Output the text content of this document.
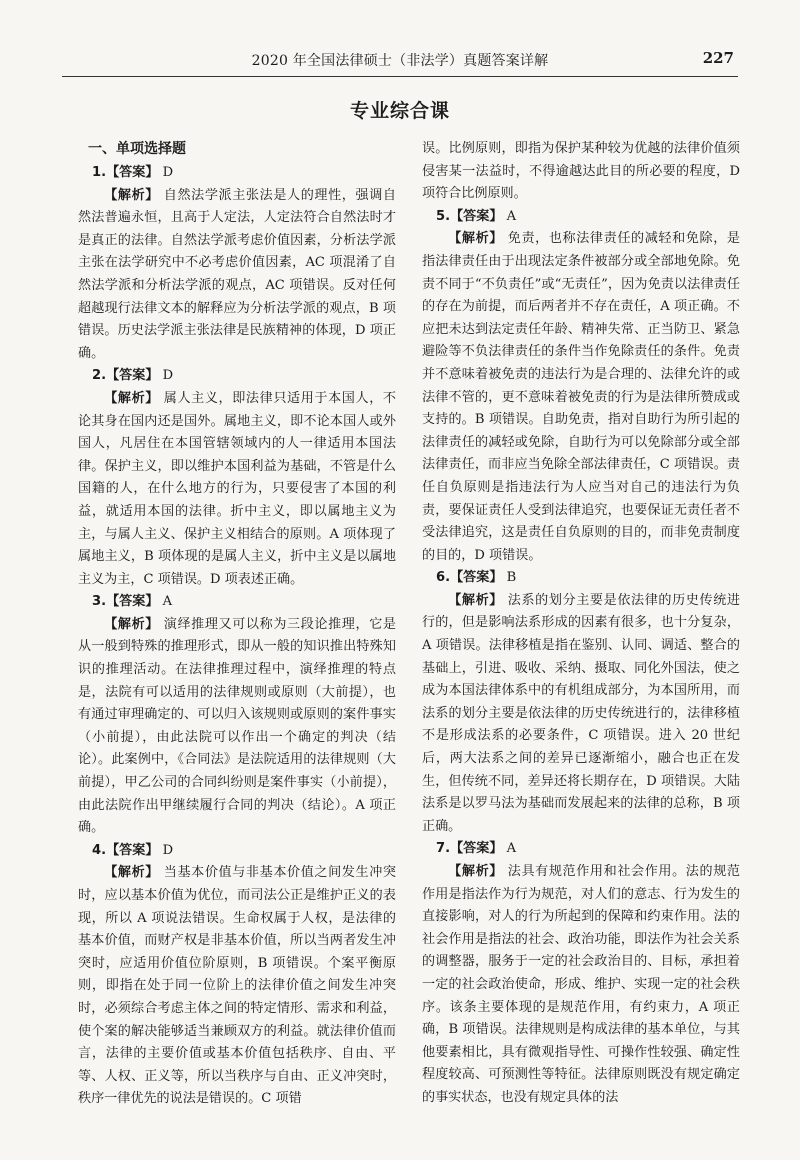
2020 年全国法律硕士（非法学）真题答案详解	227
专业综合课
一、单项选择题

1.【答案】 D

【解析】 自然法学派主张法是人的理性，强调自然法普遍永恒，且高于人定法，人定法符合自然法时才是真正的法律。自然法学派考虑价值因素，分析法学派主张在法学研究中不必考虑价值因素，AC 项混淆了自然法学派和分析法学派的观点，AC 项错误。反对任何超越现行法律文本的解释应为分析法学派的观点，B 项错误。历史法学派主张法律是民族精神的体现，D 项正确。

2.【答案】 D

【解析】 属人主义，即法律只适用于本国人，不论其身在国内还是国外。属地主义，即不论本国人或外国人，凡居住在本国管辖领域内的人一律适用本国法律。保护主义，即以维护本国利益为基础，不管是什么国籍的人，在什么地方的行为，只要侵害了本国的利益，就适用本国的法律。折中主义，即以属地主义为主，与属人主义、保护主义相结合的原则。A 项体现了属地主义，B 项体现的是属人主义，折中主义是以属地主义为主，C 项错误。D 项表述正确。

3.【答案】 A

【解析】 演绎推理又可以称为三段论推理，它是从一般到特殊的推理形式，即从一般的知识推出特殊知识的推理活动。在法律推理过程中，演绎推理的特点是，法院有可以适用的法律规则或原则（大前提），也有通过审理确定的、可以归入该规则或原则的案件事实（小前提），由此法院可以作出一个确定的判决（结论）。此案例中，《合同法》是法院适用的法律规则（大前提），甲乙公司的合同纠纷则是案件事实（小前提），由此法院作出甲继续履行合同的判决（结论）。A 项正确。

4.【答案】 D

【解析】 当基本价值与非基本价值之间发生冲突时，应以基本价值为优位，而司法公正是维护正义的表现，所以 A 项说法错误。生命权属于人权，是法律的基本价值，而财产权是非基本价值，所以当两者发生冲突时，应适用价值位阶原则，B 项错误。个案平衡原则，即指在处于同一位阶上的法律价值之间发生冲突时，必须综合考虑主体之间的特定情形、需求和利益，使个案的解决能够适当兼顾双方的利益。就法律价值而言，法律的主要价值或基本价值包括秩序、自由、平等、人权、正义等，所以当秩序与自由、正义冲突时，秩序一律优先的说法是错误的。C 项错

误。比例原则，即指为保护某种较为优越的法律价值须侵害某一法益时，不得逾越达此目的所必要的程度，D 项符合比例原则。

5.【答案】 A

【解析】 免责，也称法律责任的减轻和免除，是指法律责任由于出现法定条件被部分或全部地免除。免责不同于“不负责任”或“无责任”，因为免责以法律责任的存在为前提，而后两者并不存在责任，A 项正确。不应把未达到法定责任年龄、精神失常、正当防卫、紧急避险等不负法律责任的条件当作免除责任的条件。免责并不意味着被免责的违法行为是合理的、法律允许的或法律不管的，更不意味着被免责的行为是法律所赞成或支持的。B 项错误。自助免责，指对自助行为所引起的法律责任的减轻或免除，自助行为可以免除部分或全部法律责任，而非应当免除全部法律责任，C 项错误。责任自负原则是指违法行为人应当对自己的违法行为负责，要保证责任人受到法律追究，也要保证无责任者不受法律追究，这是责任自负原则的目的，而非免责制度的目的，D 项错误。

6.【答案】 B

【解析】 法系的划分主要是依法律的历史传统进行的，但是影响法系形成的因素有很多，也十分复杂，A 项错误。法律移植是指在鉴别、认同、调适、整合的基础上，引进、吸收、采纳、摄取、同化外国法，使之成为本国法律体系中的有机组成部分，为本国所用，而法系的划分主要是依法律的历史传统进行的，法律移植不是形成法系的必要条件，C 项错误。进入 20 世纪后，两大法系之间的差异已逐渐缩小，融合也正在发生，但传统不同，差异还将长期存在，D 项错误。大陆法系是以罗马法为基础而发展起来的法律的总称，B 项正确。

7.【答案】 A

【解析】 法具有规范作用和社会作用。法的规范作用是指法作为行为规范，对人们的意志、行为发生的直接影响，对人的行为所起到的保障和约束作用。法的社会作用是指法的社会、政治功能，即法作为社会关系的调整器，服务于一定的社会政治目的、目标，承担着一定的社会政治使命，形成、维护、实现一定的社会秩序。该条主要体现的是规范作用，有约束力，A 项正确，B 项错误。法律规则是构成法律的基本单位，与其他要素相比，具有微观指导性、可操作性较强、确定性程度较高、可预测性等特征。法律原则既没有规定确定的事实状态，也没有规定具体的法
